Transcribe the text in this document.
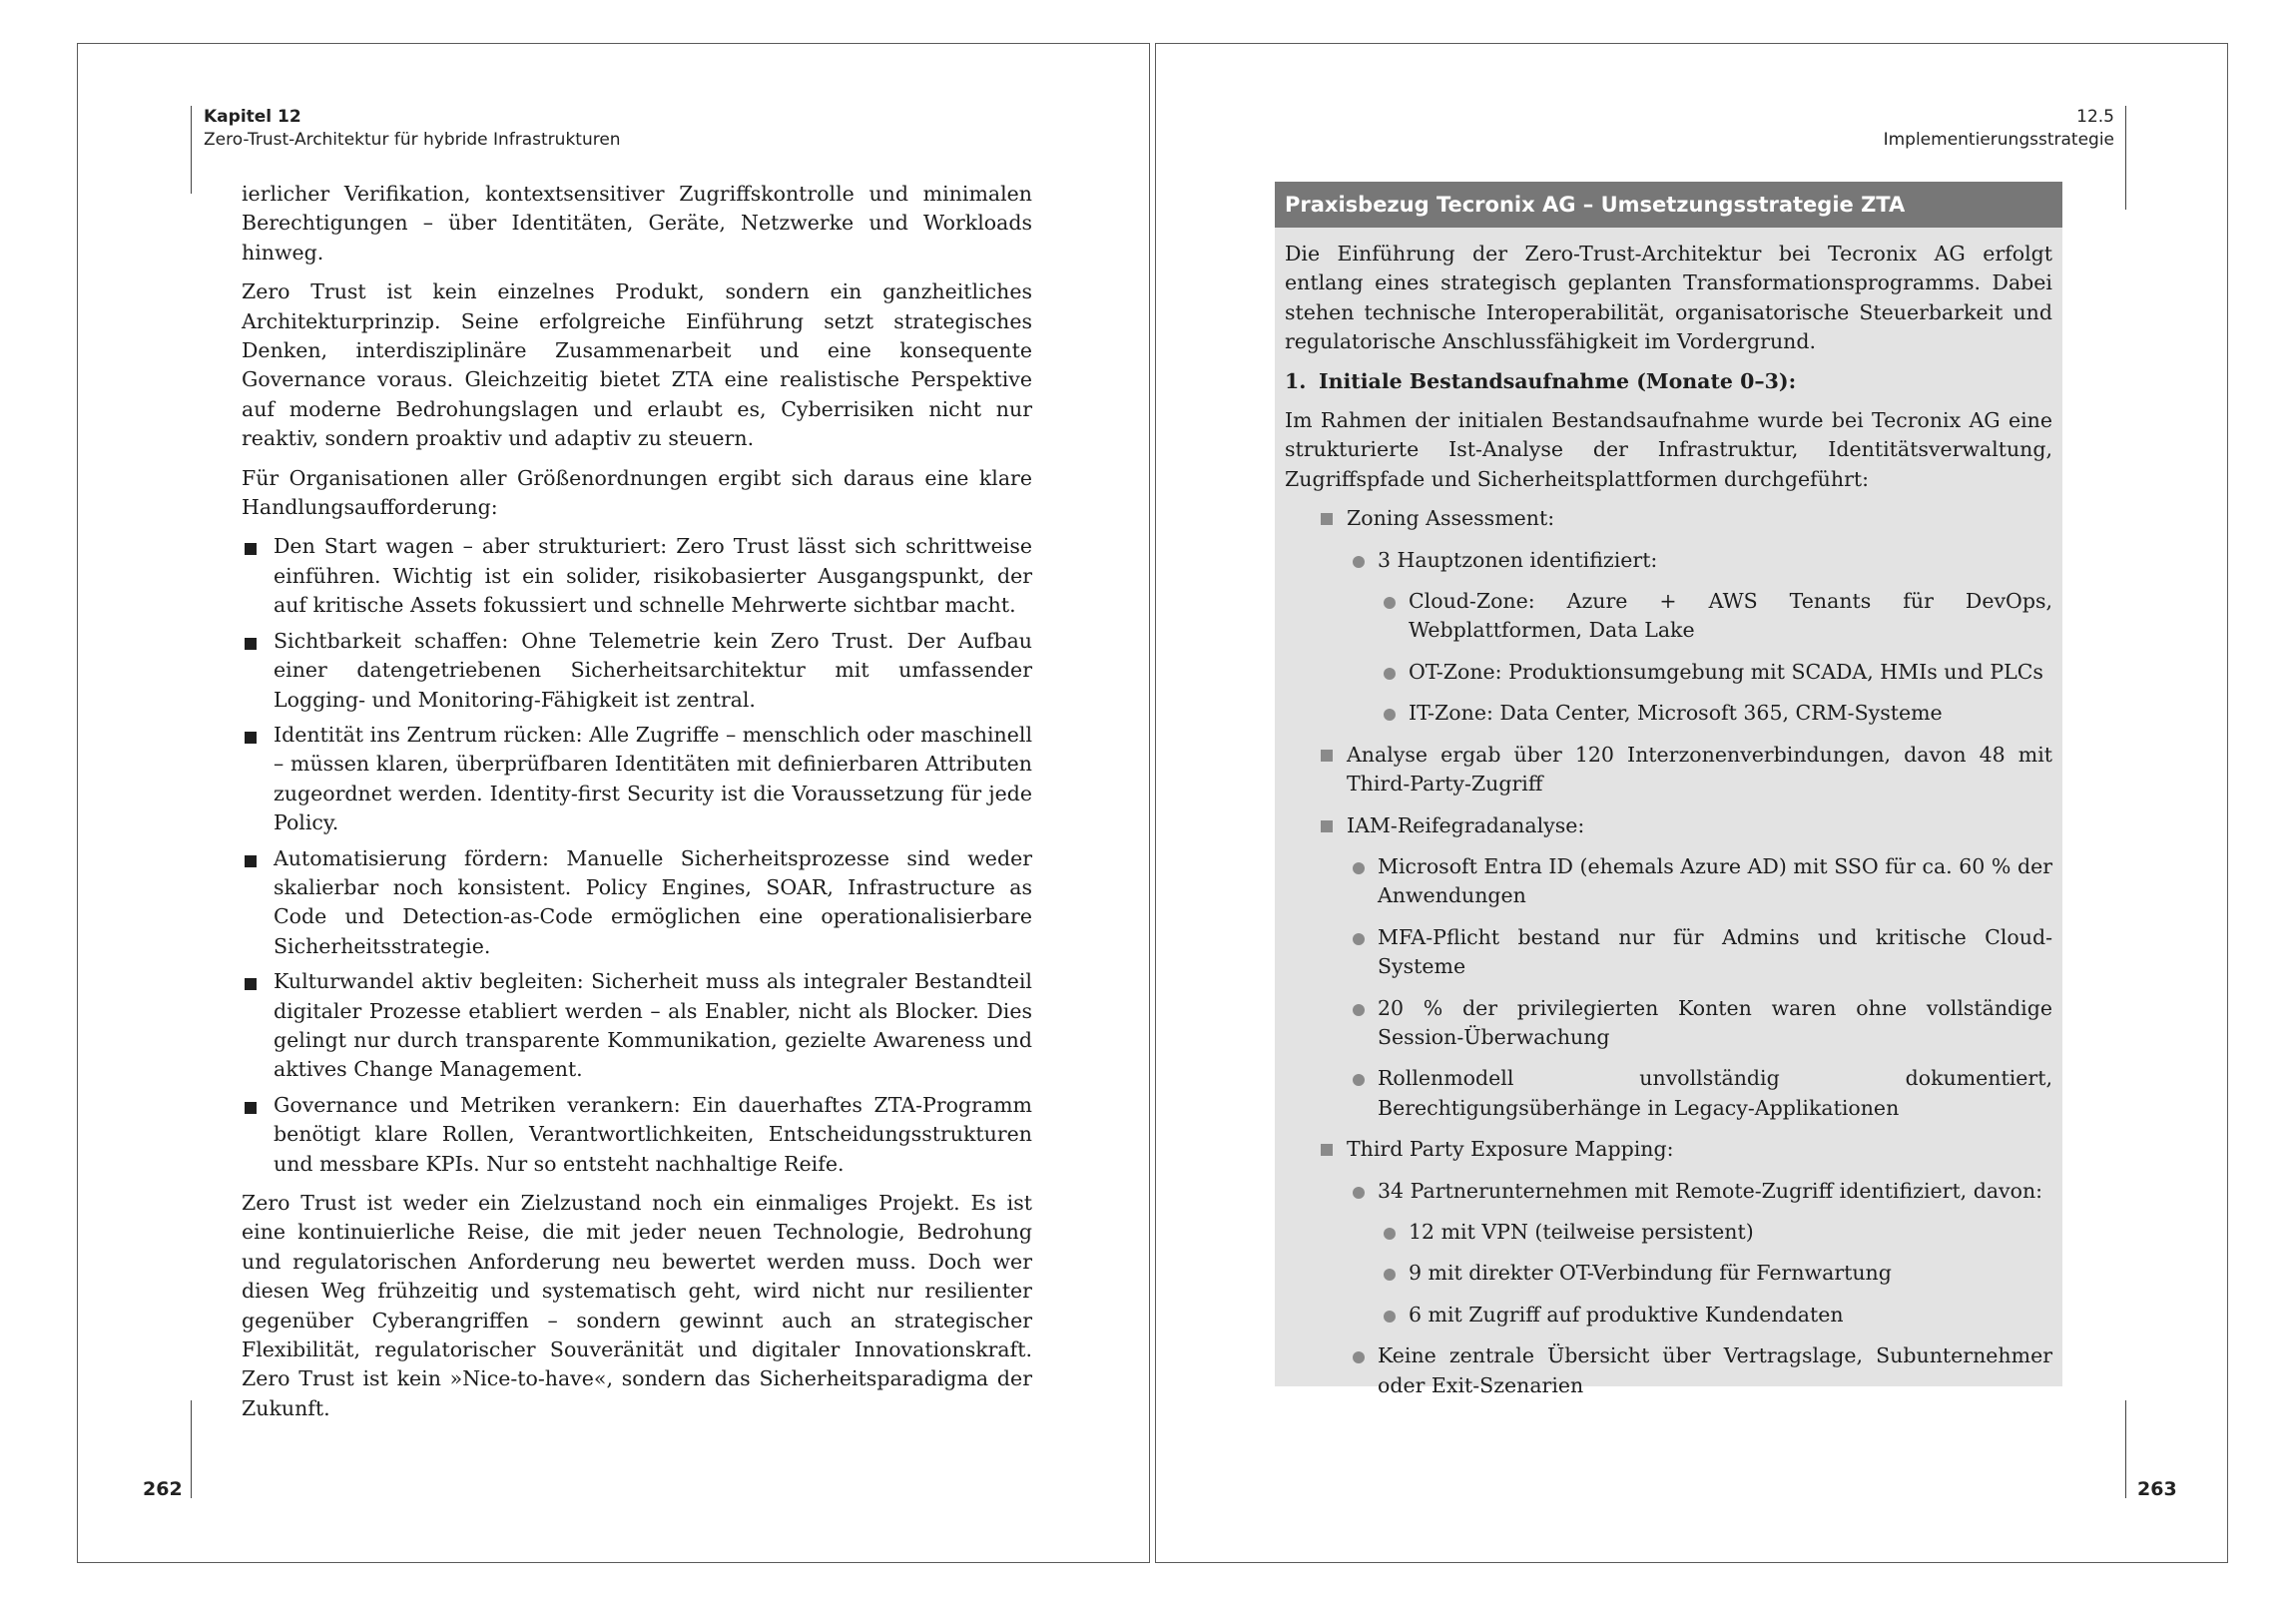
Kapitel 12
Zero-Trust-Architektur für hybride Infrastrukturen
262

ierlicher Verifikation, kontextsensitiver Zugriffskontrolle und minimalen Berechtigungen – über Identitäten, Geräte, Netzwerke und Workloads hinweg.

Zero Trust ist kein einzelnes Produkt, sondern ein ganzheitliches Architekturprinzip. Seine erfolgreiche Einführung setzt strategisches Denken, interdisziplinäre Zusammenarbeit und eine konsequente Governance voraus. Gleichzeitig bietet ZTA eine realistische Perspektive auf moderne Bedrohungslagen und erlaubt es, Cyberrisiken nicht nur reaktiv, sondern proaktiv und adaptiv zu steuern.

Für Organisationen aller Größenordnungen ergibt sich daraus eine klare Handlungsaufforderung:

Den Start wagen – aber strukturiert: Zero Trust lässt sich schrittweise einführen. Wichtig ist ein solider, risikobasierter Ausgangspunkt, der auf kritische Assets fokussiert und schnelle Mehrwerte sichtbar macht.
Sichtbarkeit schaffen: Ohne Telemetrie kein Zero Trust. Der Aufbau einer datengetriebenen Sicherheitsarchitektur mit umfassender Logging- und Monitoring-Fähigkeit ist zentral.
Identität ins Zentrum rücken: Alle Zugriffe – menschlich oder maschinell – müssen klaren, überprüfbaren Identitäten mit definierbaren Attributen zugeordnet werden. Identity-first Security ist die Voraussetzung für jede Policy.
Automatisierung fördern: Manuelle Sicherheitsprozesse sind weder skalierbar noch konsistent. Policy Engines, SOAR, Infrastructure as Code und Detection-as-Code ermöglichen eine operationalisierbare Sicherheitsstrategie.
Kulturwandel aktiv begleiten: Sicherheit muss als integraler Bestandteil digitaler Prozesse etabliert werden – als Enabler, nicht als Blocker. Dies gelingt nur durch transparente Kommunikation, gezielte Awareness und aktives Change Management.
Governance und Metriken verankern: Ein dauerhaftes ZTA-Programm benötigt klare Rollen, Verantwortlichkeiten, Entscheidungsstrukturen und messbare KPIs. Nur so entsteht nachhaltige Reife.

Zero Trust ist weder ein Zielzustand noch ein einmaliges Projekt. Es ist eine kontinuierliche Reise, die mit jeder neuen Technologie, Bedrohung und regulatorischen Anforderung neu bewertet werden muss. Doch wer diesen Weg frühzeitig und systematisch geht, wird nicht nur resilienter gegenüber Cyberangriffen – sondern gewinnt auch an strategischer Flexibilität, regulatorischer Souveränität und digitaler Innovationskraft. Zero Trust ist kein »Nice-to-have«, sondern das Sicherheitsparadigma der Zukunft.

12.5
Implementierungsstrategie
263
Praxisbezug Tecronix AG – Umsetzungsstrategie ZTA

Die Einführung der Zero-Trust-Architektur bei Tecronix AG erfolgt entlang eines strategisch geplanten Transformationsprogramms. Dabei stehen technische Interoperabilität, organisatorische Steuerbarkeit und regulatorische Anschlussfähigkeit im Vordergrund.

1. Initiale Bestandsaufnahme (Monate 0–3):

Im Rahmen der initialen Bestandsaufnahme wurde bei Tecronix AG eine strukturierte Ist-Analyse der Infrastruktur, Identitätsverwaltung, Zugriffspfade und Sicherheitsplattformen durchgeführt:

Zoning Assessment:
3 Hauptzonen identifiziert:
Cloud-Zone: Azure + AWS Tenants für DevOps, Webplattformen, Data Lake
OT-Zone: Produktionsumgebung mit SCADA, HMIs und PLCs
IT-Zone: Data Center, Microsoft 365, CRM-Systeme
Analyse ergab über 120 Interzonenverbindungen, davon 48 mit Third-Party-Zugriff
IAM-Reifegradanalyse:
Microsoft Entra ID (ehemals Azure AD) mit SSO für ca. 60 % der Anwendungen
MFA-Pflicht bestand nur für Admins und kritische Cloud-Systeme
20 % der privilegierten Konten waren ohne vollständige Session-Überwachung
Rollenmodell unvollständig dokumentiert, Berechtigungsüberhänge in Legacy-Applikationen
Third Party Exposure Mapping:
34 Partnerunternehmen mit Remote-Zugriff identifiziert, davon:
12 mit VPN (teilweise persistent)
9 mit direkter OT-Verbindung für Fernwartung
6 mit Zugriff auf produktive Kundendaten
Keine zentrale Übersicht über Vertragslage, Subunternehmer oder Exit-Szenarien
